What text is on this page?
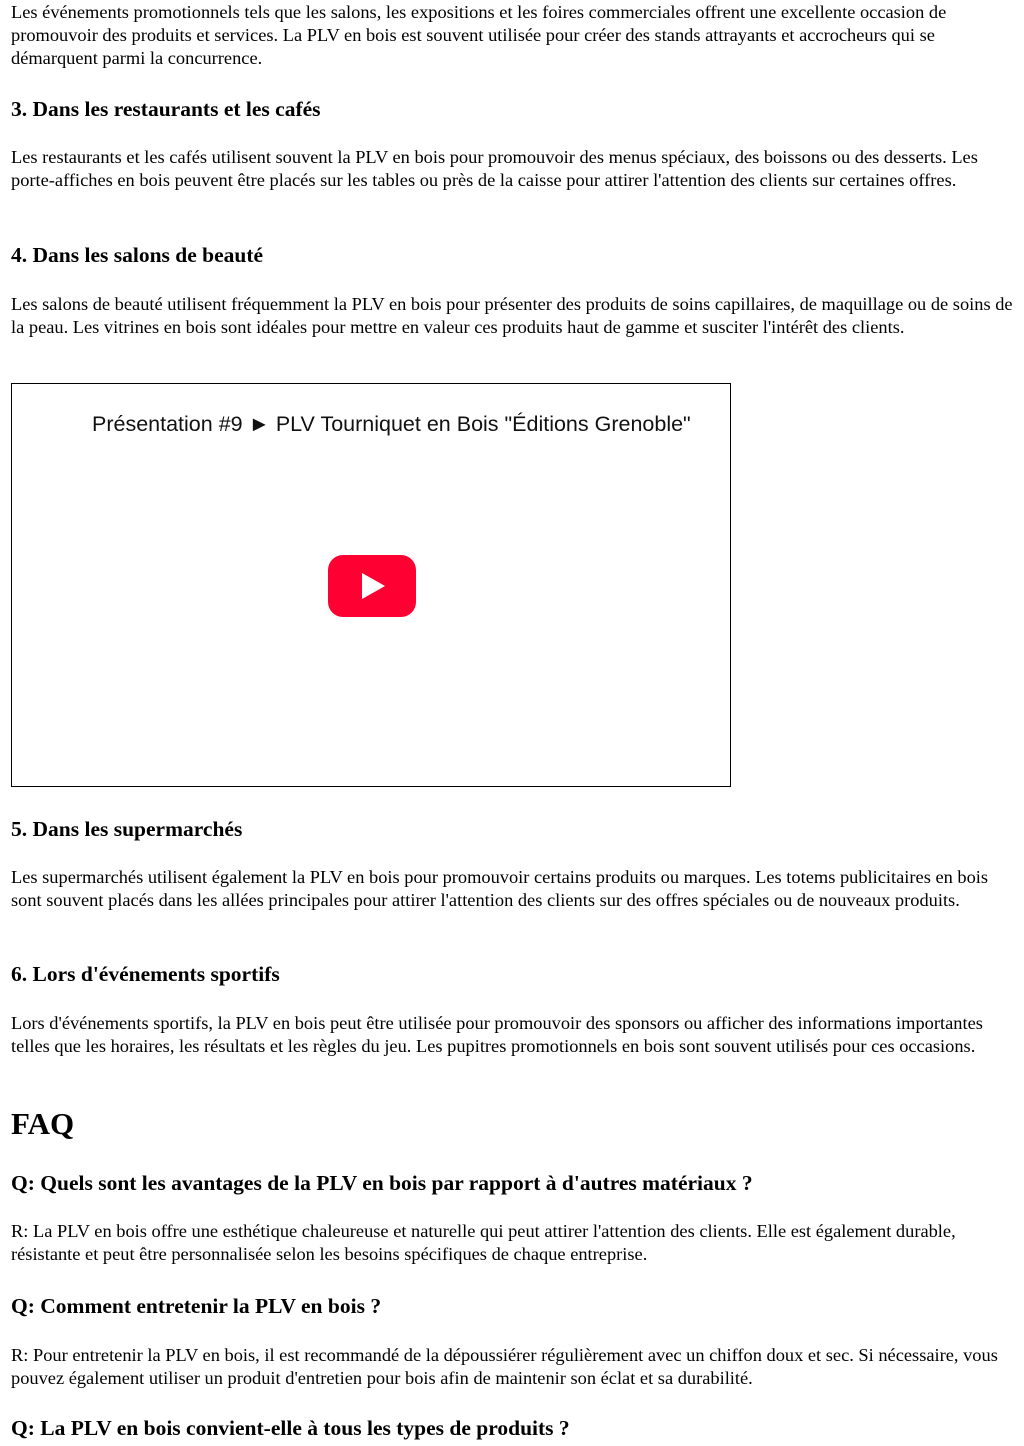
Les événements promotionnels tels que les salons, les expositions et les foires commerciales offrent une excellente occasion de promouvoir des produits et services. La PLV en bois est souvent utilisée pour créer des stands attrayants et accrocheurs qui se démarquent parmi la concurrence.

3. Dans les restaurants et les cafés

Les restaurants et les cafés utilisent souvent la PLV en bois pour promouvoir des menus spéciaux, des boissons ou des desserts. Les porte-affiches en bois peuvent être placés sur les tables ou près de la caisse pour attirer l'attention des clients sur certaines offres.

4. Dans les salons de beauté

Les salons de beauté utilisent fréquemment la PLV en bois pour présenter des produits de soins capillaires, de maquillage ou de soins de la peau. Les vitrines en bois sont idéales pour mettre en valeur ces produits haut de gamme et susciter l'intérêt des clients.

Présentation #9 ► PLV Tourniquet en Bois "Éditions Grenoble"
5. Dans les supermarchés

Les supermarchés utilisent également la PLV en bois pour promouvoir certains produits ou marques. Les totems publicitaires en bois sont souvent placés dans les allées principales pour attirer l'attention des clients sur des offres spéciales ou de nouveaux produits.

6. Lors d'événements sportifs

Lors d'événements sportifs, la PLV en bois peut être utilisée pour promouvoir des sponsors ou afficher des informations importantes telles que les horaires, les résultats et les règles du jeu. Les pupitres promotionnels en bois sont souvent utilisés pour ces occasions.

FAQ
Q: Quels sont les avantages de la PLV en bois par rapport à d'autres matériaux ?

R: La PLV en bois offre une esthétique chaleureuse et naturelle qui peut attirer l'attention des clients. Elle est également durable, résistante et peut être personnalisée selon les besoins spécifiques de chaque entreprise.

Q: Comment entretenir la PLV en bois ?

R: Pour entretenir la PLV en bois, il est recommandé de la dépoussiérer régulièrement avec un chiffon doux et sec. Si nécessaire, vous pouvez également utiliser un produit d'entretien pour bois afin de maintenir son éclat et sa durabilité.

Q: La PLV en bois convient-elle à tous les types de produits ?
